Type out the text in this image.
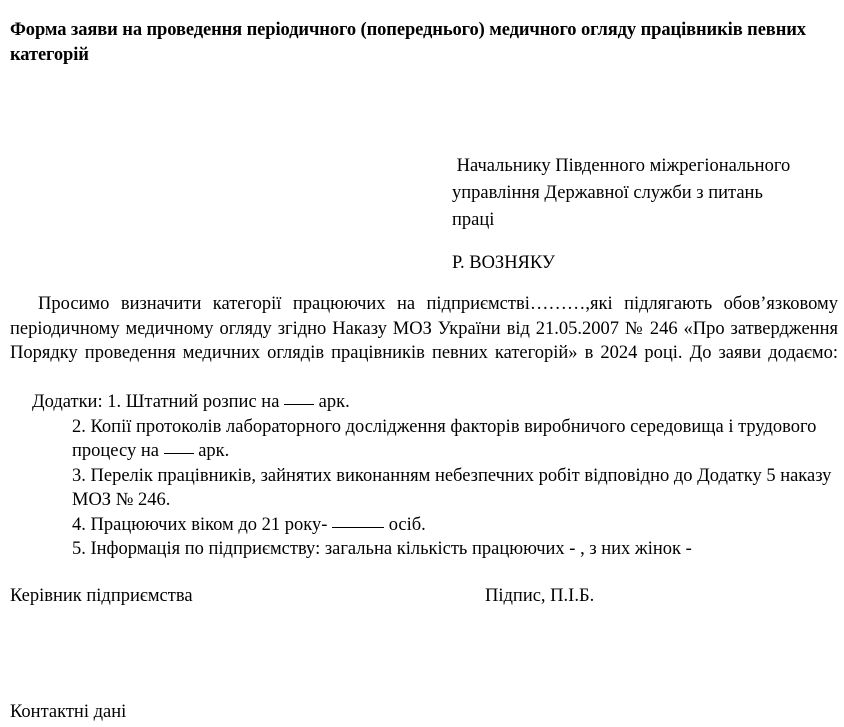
Форма заяви на проведення періодичного (попереднього) медичного огляду працівників певних категорій
Начальнику Південного міжрегіонального
управління Державної служби з питань
праці
Р. ВОЗНЯКУ

Просимо визначити категорії працюючих на підприємстві………,які підлягають обов’язковому періодичному медичному огляду згідно Наказу МОЗ України від 21.05.2007 № 246 «Про затвердження Порядку проведення медичних оглядів працівників певних категорій» в 2024 році. До заяви додаємо:

Додатки: 1. Штатний розпис на  арк.
2. Копії протоколів лабораторного дослідження факторів виробничого середовища і трудового процесу на  арк.
3. Перелік працівників, зайнятих виконанням небезпечних робіт відповідно до Додатку 5 наказу МОЗ № 246.
4. Працюючих віком до 21 року-	осіб.
5. Інформація по підприємству: загальна кількість працюючих - , з них жінок -
Керівник підприємства	Підпис, П.І.Б.
Контактні дані
